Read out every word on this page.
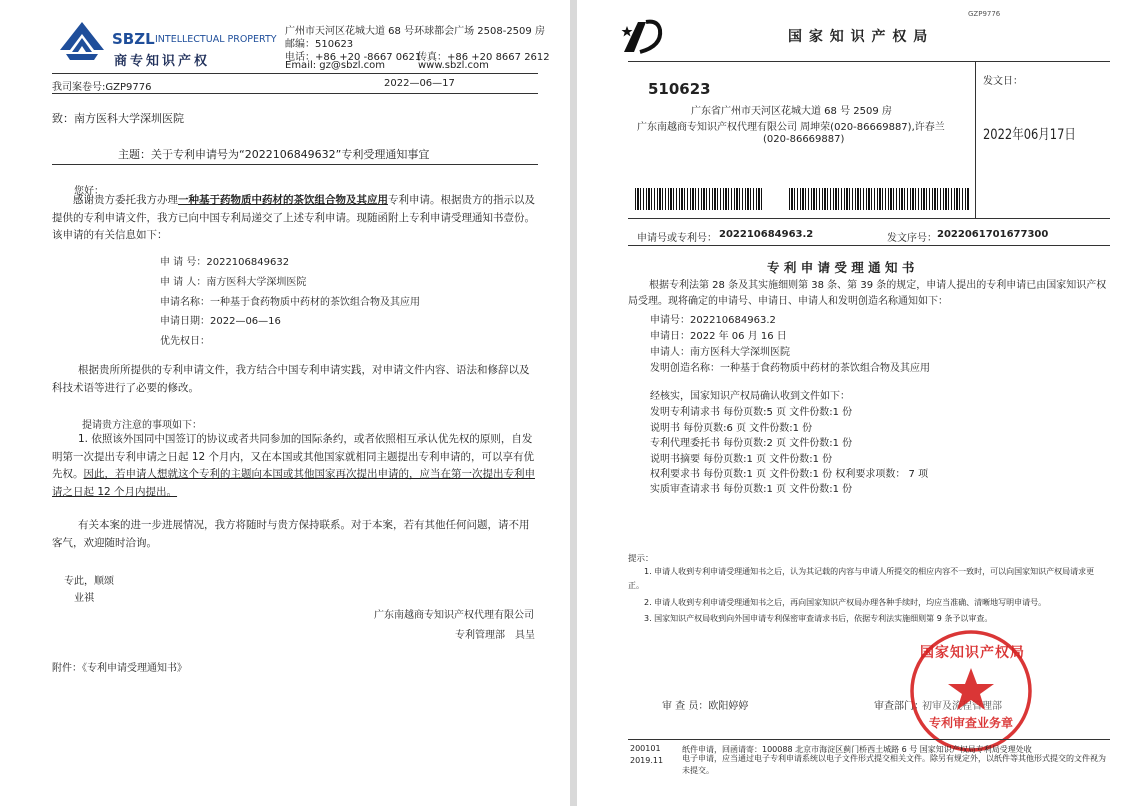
SBZL INTELLECTUAL PROPERTY
商专知识产权
广州市天河区花城大道 68 号环球都会广场 2508-2509 房
邮编：510623
电话：+86 +20 -8667 0621
传真：+86 +20 8667 2612
Email: gz@sbzl.com	www.sbzl.com
我司案卷号:GZP9776	2022—06—17
致：南方医科大学深圳医院
主题：关于专利申请号为“2022106849632”专利受理通知事宜
您好：
感谢贵方委托我方办理一种基于药物质中药材的茶饮组合物及其应用专利申请。根据贵方的指示以及提供的专利申请文件，我方已向中国专利局递交了上述专利申请。现随函附上专利申请受理通知书壹份。该申请的有关信息如下：
申 请 号：2022106849632
申 请 人：南方医科大学深圳医院
申请名称：一种基于食药物质中药材的茶饮组合物及其应用
申请日期：2022—06—16
优先权日：
根据贵所所提供的专利申请文件，我方结合中国专利申请实践，对申请文件内容、语法和修辞以及科技术语等进行了必要的修改。
提请贵方注意的事项如下：
1. 依照该外国同中国签订的协议或者共同参加的国际条约，或者依照相互承认优先权的原则，自发明第一次提出专利申请之日起 12 个月内，又在本国或其他国家就相同主题提出专利申请的，可以享有优先权。因此，若申请人想就这个专利的主题向本国或其他国家再次提出申请的，应当在第一次提出专利申请之日起 12 个月内提出。
有关本案的进一步进展情况，我方将随时与贵方保持联系。对于本案，若有其他任何问题，请不用客气，欢迎随时洽询。
专此，顺颂
业祺
广东南越商专知识产权代理有限公司
专利管理部　具呈
附件：《专利申请受理通知书》
GZP9776
国 家 知 识 产 权 局
510623
广东省广州市天河区花城大道 68 号 2509 房
广东南越商专知识产权代理有限公司 周坤荣(020-86669887),许春兰
(020-86669887)
发文日：
2022年06月17日
申请号或专利号： 202210684963.2	发文序号： 2022061701677300
专 利 申 请 受 理 通 知 书
根据专利法第 28 条及其实施细则第 38 条、第 39 条的规定，申请人提出的专利申请已由国家知识产权局受理。现将确定的申请号、申请日、申请人和发明创造名称通知如下：
申请号：202210684963.2
申请日：2022 年 06 月 16 日
申请人：南方医科大学深圳医院
发明创造名称：一种基于食药物质中药材的茶饮组合物及其应用
经核实，国家知识产权局确认收到文件如下：
发明专利请求书 每份页数:5 页 文件份数:1 份
说明书 每份页数:6 页 文件份数:1 份
专利代理委托书 每份页数:2 页 文件份数:1 份
说明书摘要 每份页数:1 页 文件份数:1 份
权利要求书 每份页数:1 页 文件份数:1 份 权利要求项数： 7 项
实质审查请求书 每份页数:1 页 文件份数:1 份
提示：
1. 申请人收到专利申请受理通知书之后，认为其记载的内容与申请人所提交的相应内容不一致时，可以向国家知识产权局请求更正。
2. 申请人收到专利申请受理通知书之后，再向国家知识产权局办理各种手续时，均应当准确、清晰地写明申请号。
3. 国家知识产权局收到向外国申请专利保密审查请求书后，依据专利法实施细则第 9 条予以审查。
审 查 员：欧阳婷婷	审查部门：
初审及流程管理部
国家知识产权局
专利审查业务章
200101
2019.11
纸件申请，回函请寄：100088 北京市海淀区蓟门桥西土城路 6 号 国家知识产权局专利局受理处收
电子申请，应当通过电子专利申请系统以电子文件形式提交相关文件。除另有规定外，以纸件等其他形式提交的文件视为未提交。
